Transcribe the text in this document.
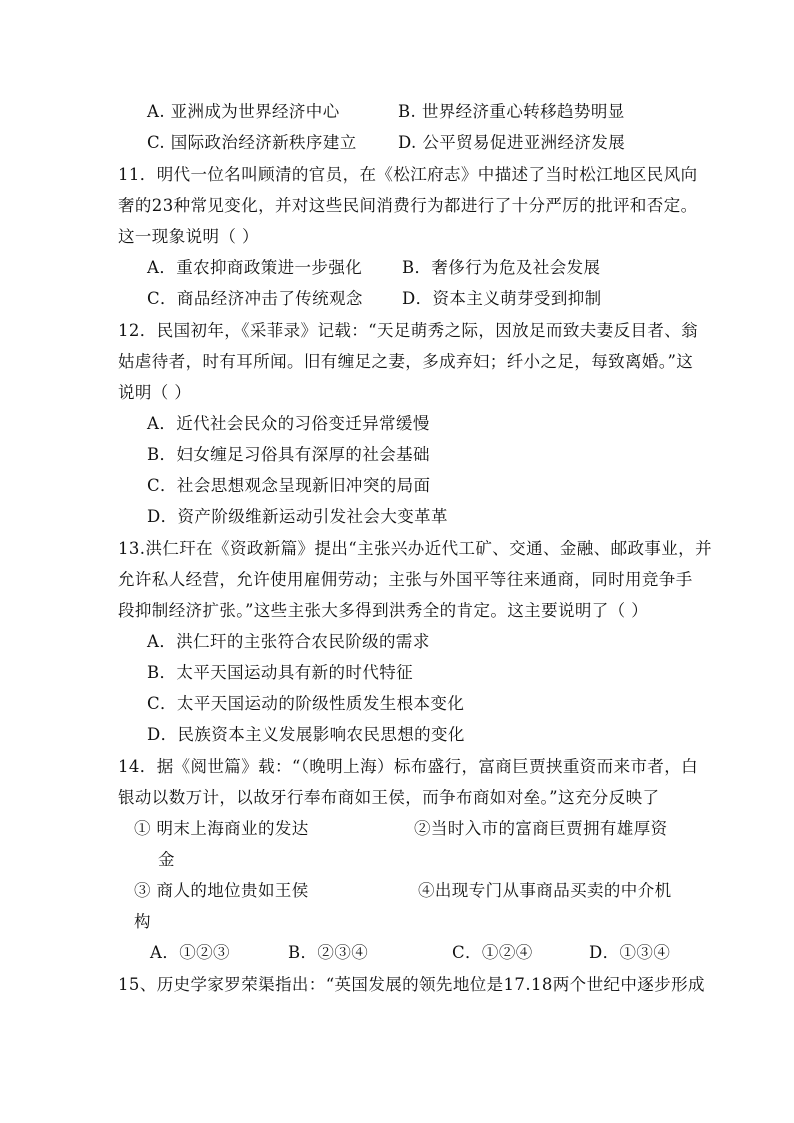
A. 亚洲成为世界经济中心	B. 世界经济重心转移趋势明显
C. 国际政治经济新秩序建立	D. 公平贸易促进亚洲经济发展
11．明代一位名叫顾清的官员，在《松江府志》中描述了当时松江地区民风向
奢的23种常见变化，并对这些民间消费行为都进行了十分严厉的批评和否定。
这一现象说明（ ）
A．重农抑商政策进一步强化 B．奢侈行为危及社会发展
C．商品经济冲击了传统观念 D．资本主义萌芽受到抑制
12．民国初年，《采菲录》记载：“天足萌秀之际，因放足而致夫妻反目者、翁
姑虐待者，时有耳所闻。旧有缠足之妻，多成弃妇；纤小之足，每致离婚。”这
说明（ ）
A．近代社会民众的习俗变迁异常缓慢
B．妇女缠足习俗具有深厚的社会基础
C．社会思想观念呈现新旧冲突的局面
D．资产阶级维新运动引发社会大变革革
13.洪仁玕在《资政新篇》提出“主张兴办近代工矿、交通、金融、邮政事业，并
允许私人经营，允许使用雇佣劳动；主张与外国平等往来通商，同时用竞争手
段抑制经济扩张。”这些主张大多得到洪秀全的肯定。这主要说明了（ ）
A．洪仁玕的主张符合农民阶级的需求
B．太平天国运动具有新的时代特征
C．太平天国运动的阶级性质发生根本变化
D．民族资本主义发展影响农民思想的变化
14．据《阅世篇》载：“（晚明上海）标布盛行，富商巨贾挟重资而来市者，白
银动以数万计，以故牙行奉布商如王侯，而争布商如对垒。”这充分反映了
① 明末上海商业的发达	②当时入市的富商巨贾拥有雄厚资
金
③ 商人的地位贵如王侯	④出现专门从事商品买卖的中介机
构
A．①②③	B．②③④	C．①②④	D．①③④
15、历史学家罗荣渠指出：“英国发展的领先地位是17.18两个世纪中逐步形成
